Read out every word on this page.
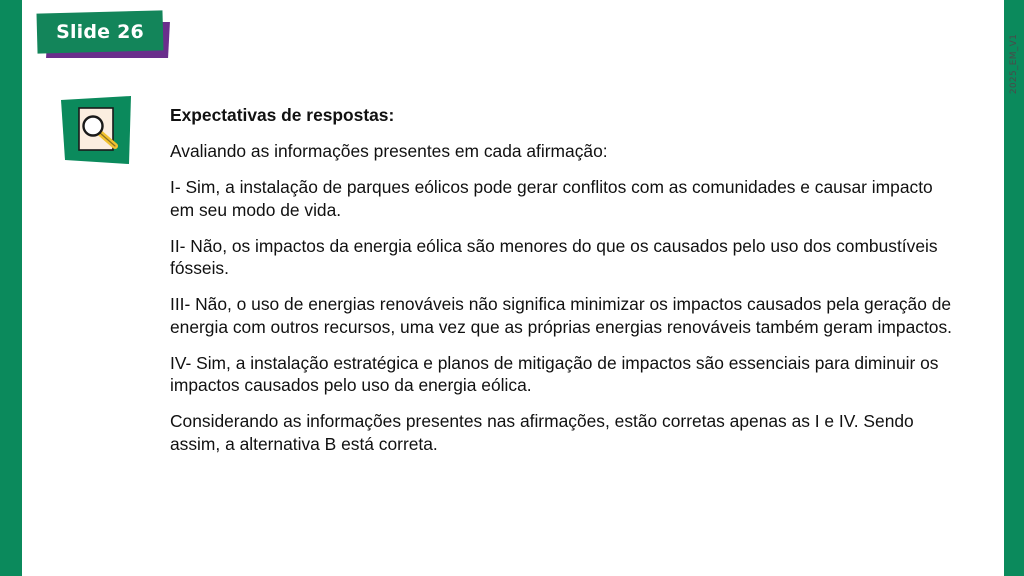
Slide 26
2025_EM_V1

Expectativas de respostas:

Avaliando as informações presentes em cada afirmação:

I- Sim, a instalação de parques eólicos pode gerar conflitos com as comunidades e causar impacto em seu modo de vida.

II- Não, os impactos da energia eólica são menores do que os causados pelo uso dos combustíveis fósseis.

III- Não, o uso de energias renováveis não significa minimizar os impactos causados pela geração de energia com outros recursos, uma vez que as próprias energias renováveis também geram impactos.

IV- Sim, a instalação estratégica e planos de mitigação de impactos são essenciais para diminuir os impactos causados pelo uso da energia eólica.

Considerando as informações presentes nas afirmações, estão corretas apenas as I e IV. Sendo assim, a alternativa B está correta.
